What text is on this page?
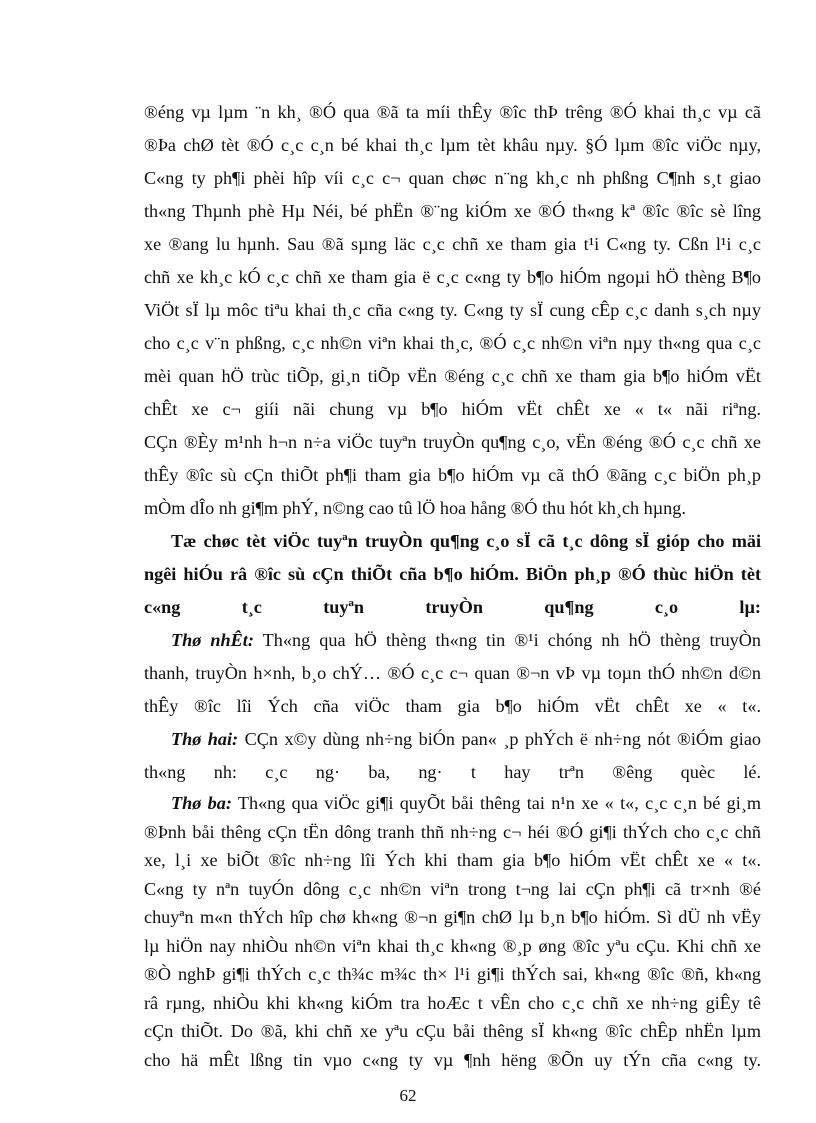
®éng vµ lµm ¨n kh¸ ®Ó qua ®ã ta míi thÊy ®îc thÞ trêng ®Ó khai th¸c vµ cã
®Þa chØ tèt ®Ó c¸c c¸n bé khai th¸c lµm tèt khâu nµy. §Ó lµm ®îc viÖc nµy,
C«ng ty ph¶i phèi hîp víi c¸c c¬ quan chøc n¨ng kh¸c nh phßng C¶nh s¸t giao
th«ng Thµnh phè Hµ Néi, bé phËn ®¨ng kiÓm xe ®Ó th«ng kª ®îc ®îc sè lîng
xe ®ang lu hµnh. Sau ®ã sµng läc c¸c chñ xe tham gia t¹i C«ng ty. Cßn l¹i c¸c
chñ xe kh¸c kÓ c¸c chñ xe tham gia ë c¸c c«ng ty b¶o hiÓm ngoµi hÖ thèng B¶o
ViÖt sÏ lµ môc tiªu khai th¸c cña c«ng ty. C«ng ty sÏ cung cÊp c¸c danh s¸ch nµy
cho c¸c v¨n phßng, c¸c nh©n viªn khai th¸c, ®Ó c¸c nh©n viªn nµy th«ng qua c¸c
mèi quan hÖ trùc tiÕp, gi¸n tiÕp vËn ®éng c¸c chñ xe tham gia b¶o hiÓm vËt
chÊt xe c¬ giíi nãi chung vµ b¶o hiÓm vËt chÊt xe « t« nãi riªng.
CÇn ®Èy m¹nh h¬n n÷a viÖc tuyªn truyÒn qu¶ng c¸o, vËn ®éng ®Ó c¸c chñ xe
thÊy ®îc sù cÇn thiÕt ph¶i tham gia b¶o hiÓm vµ cã thÓ ®ãng c¸c biÖn ph¸p
mÒm dÎo nh gi¶m phÝ, n©ng cao tû lÖ hoa hång ®Ó thu hót kh¸ch hµng.
Tæ chøc tèt viÖc tuyªn truyÒn qu¶ng c¸o sÏ cã t¸c dông sÏ gióp cho mäi
ngêi hiÓu râ ®îc sù cÇn thiÕt cña b¶o hiÓm. BiÖn ph¸p ®Ó thùc hiÖn tèt
c«ng t¸c tuyªn truyÒn qu¶ng c¸o lµ:
Thø nhÊt: Th«ng qua hÖ thèng th«ng tin ®¹i chóng nh hÖ thèng truyÒn
thanh, truyÒn h×nh, b¸o chÝ… ®Ó c¸c c¬ quan ®¬n vÞ vµ toµn thÓ nh©n d©n
thÊy ®îc lîi Ých cña viÖc tham gia b¶o hiÓm vËt chÊt xe « t«.
Thø hai: CÇn x©y dùng nh÷ng biÓn pan« ¸p phÝch ë nh÷ng nót ®iÓm giao
th«ng nh: c¸c ng· ba, ng· t hay trªn ®êng quèc lé.
Thø ba: Th«ng qua viÖc gi¶i quyÕt båi thêng tai n¹n xe « t«, c¸c c¸n bé gi¸m
®Þnh båi thêng cÇn tËn dông tranh thñ nh÷ng c¬ héi ®Ó gi¶i thÝch cho c¸c chñ
xe, l¸i xe biÕt ®îc nh÷ng lîi Ých khi tham gia b¶o hiÓm vËt chÊt xe « t«.
C«ng ty nªn tuyÓn dông c¸c nh©n viªn trong t¬ng lai cÇn ph¶i cã tr×nh ®é
chuyªn m«n thÝch hîp chø kh«ng ®¬n gi¶n chØ lµ b¸n b¶o hiÓm. Sì dÜ nh vËy
lµ hiÖn nay nhiÒu nh©n viªn khai th¸c kh«ng ®¸p øng ®îc yªu cÇu. Khi chñ xe
®Ò nghÞ gi¶i thÝch c¸c th¾c m¾c th× l¹i gi¶i thÝch sai, kh«ng ®îc ®ñ, kh«ng
râ rµng, nhiÒu khi kh«ng kiÓm tra hoÆc t vÊn cho c¸c chñ xe nh÷ng giÊy tê
cÇn thiÕt. Do ®ã, khi chñ xe yªu cÇu båi thêng sÏ kh«ng ®îc chÊp nhËn lµm
cho hä mÊt lßng tin vµo c«ng ty vµ ¶nh hëng ®Õn uy tÝn cña c«ng ty.
62
